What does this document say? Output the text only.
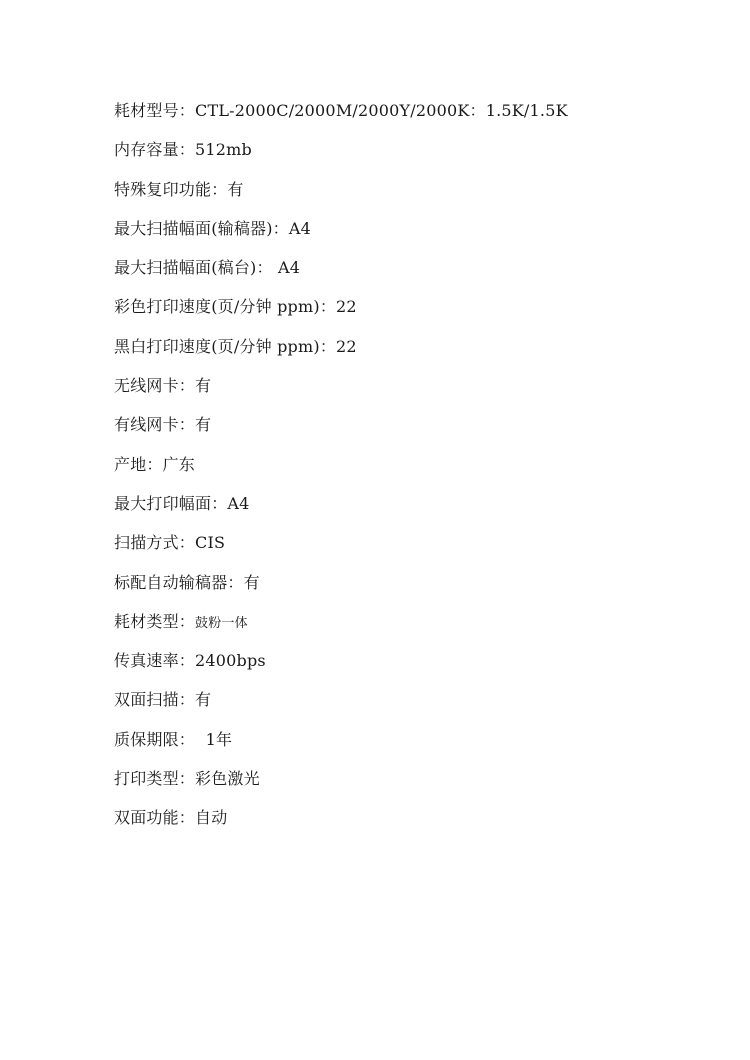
耗材型号：CTL-2000C/2000M/2000Y/2000K：1.5K/1.5K
内存容量：512mb
特殊复印功能：有
最大扫描幅面(输稿器)：A4
最大扫描幅面(稿台)： A4
彩色打印速度(页/分钟 ppm)：22
黑白打印速度(页/分钟 ppm)：22
无线网卡：有
有线网卡：有
产地：广东
最大打印幅面：A4
扫描方式：CIS
标配自动输稿器：有
耗材类型：鼓粉一体
传真速率：2400bps
双面扫描：有
质保期限：  1年
打印类型：彩色激光
双面功能：自动
